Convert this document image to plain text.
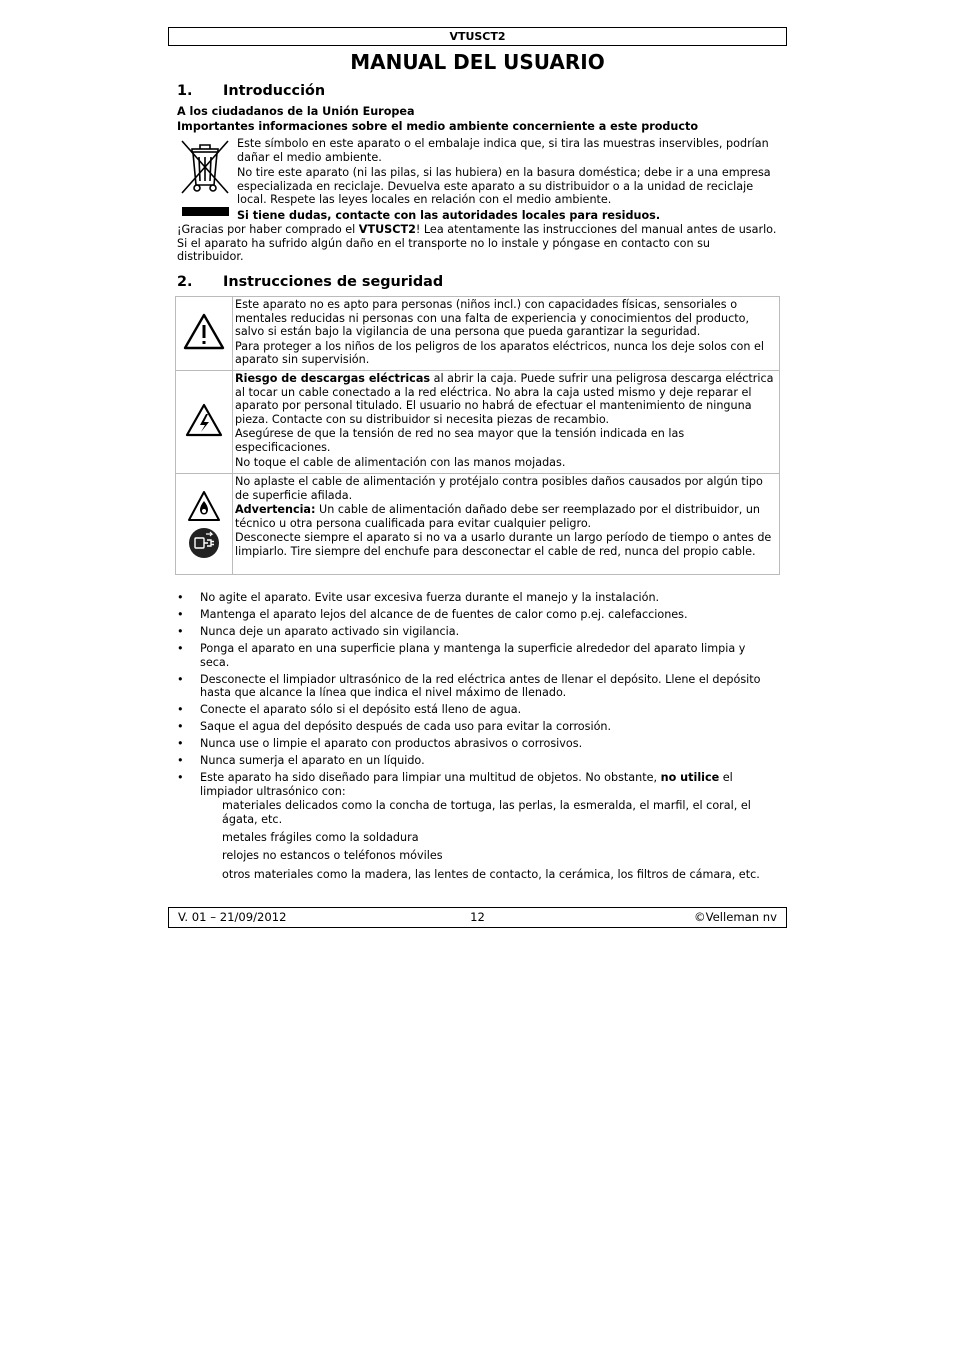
VTUSCT2
MANUAL DEL USUARIO
1. Introducción
A los ciudadanos de la Unión Europea
Importantes informaciones sobre el medio ambiente concerniente a este producto

Este símbolo en este aparato o el embalaje indica que, si tira las muestras inservibles, podrían dañar el medio ambiente.

No tire este aparato (ni las pilas, si las hubiera) en la basura doméstica; debe ir a una empresa especializada en reciclaje. Devuelva este aparato a su distribuidor o a la unidad de reciclaje local. Respete las leyes locales en relación con el medio ambiente.

Si tiene dudas, contacte con las autoridades locales para residuos.

¡Gracias por haber comprado el VTUSCT2! Lea atentamente las instrucciones del manual antes de usarlo. Si el aparato ha sufrido algún daño en el transporte no lo instale y póngase en contacto con su distribuidor.
2. Instrucciones de seguridad

Este aparato no es apto para personas (niños incl.) con capacidades físicas, sensoriales o mentales reducidas ni personas con una falta de experiencia y conocimientos del producto, salvo si están bajo la vigilancia de una persona que pueda garantizar la seguridad.

Para proteger a los niños de los peligros de los aparatos eléctricos, nunca los deje solos con el aparato sin supervisión.

Riesgo de descargas eléctricas al abrir la caja. Puede sufrir una peligrosa descarga eléctrica al tocar un cable conectado a la red eléctrica. No abra la caja usted mismo y deje reparar el aparato por personal titulado. El usuario no habrá de efectuar el mantenimiento de ninguna pieza. Contacte con su distribuidor si necesita piezas de recambio.

Asegúrese de que la tensión de red no sea mayor que la tensión indicada en las especificaciones.

No toque el cable de alimentación con las manos mojadas.

No aplaste el cable de alimentación y protéjalo contra posibles daños causados por algún tipo de superficie afilada.

Advertencia: Un cable de alimentación dañado debe ser reemplazado por el distribuidor, un técnico u otra persona cualificada para evitar cualquier peligro.

Desconecte siempre el aparato si no va a usarlo durante un largo período de tiempo o antes de limpiarlo. Tire siempre del enchufe para desconectar el cable de red, nunca del propio cable.

• No agite el aparato. Evite usar excesiva fuerza durante el manejo y la instalación.
• Mantenga el aparato lejos del alcance de de fuentes de calor como p.ej. calefacciones.
• Nunca deje un aparato activado sin vigilancia.
• Ponga el aparato en una superficie plana y mantenga la superficie alrededor del aparato limpia y seca.
• Desconecte el limpiador ultrasónico de la red eléctrica antes de llenar el depósito. Llene el depósito hasta que alcance la línea que indica el nivel máximo de llenado.
• Conecte el aparato sólo si el depósito está lleno de agua.
• Saque el agua del depósito después de cada uso para evitar la corrosión.
• Nunca use o limpie el aparato con productos abrasivos o corrosivos.
• Nunca sumerja el aparato en un líquido.
• Este aparato ha sido diseñado para limpiar una multitud de objetos. No obstante, no utilice el limpiador ultrasónico con:
materiales delicados como la concha de tortuga, las perlas, la esmeralda, el marfil, el coral, el ágata, etc.
metales frágiles como la soldadura
relojes no estancos o teléfonos móviles
otros materiales como la madera, las lentes de contacto, la cerámica, los filtros de cámara, etc.
V. 01 – 21/09/2012	12	©Velleman nv
